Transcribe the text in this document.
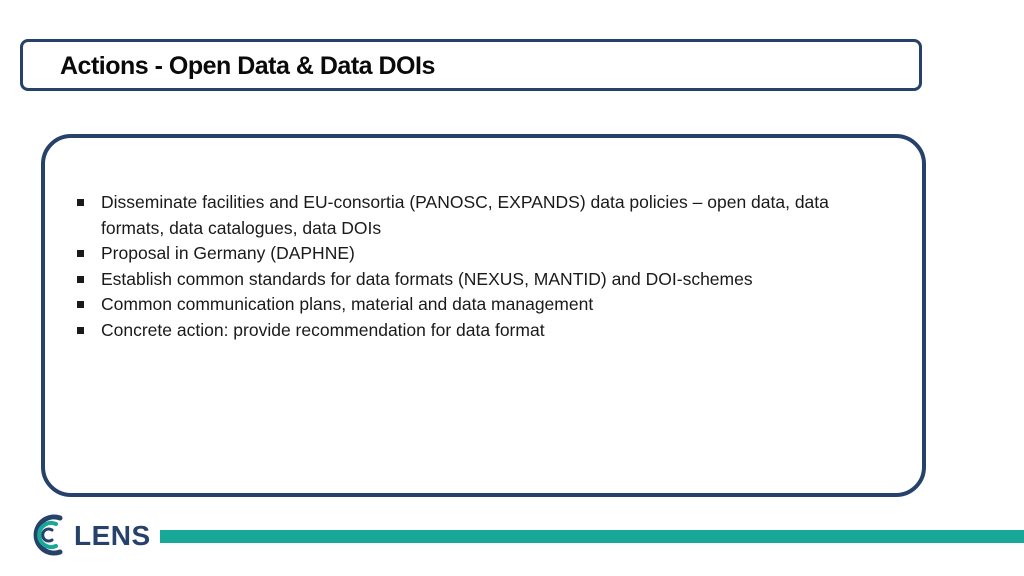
Actions - Open Data & Data DOIs
Disseminate facilities and EU-consortia (PANOSC, EXPANDS) data policies – open data, data formats, data catalogues, data DOIs
Proposal in Germany (DAPHNE)
Establish common standards for data formats (NEXUS, MANTID) and DOI-schemes
Common communication plans, material and data management
Concrete action: provide recommendation for data format
LENS
